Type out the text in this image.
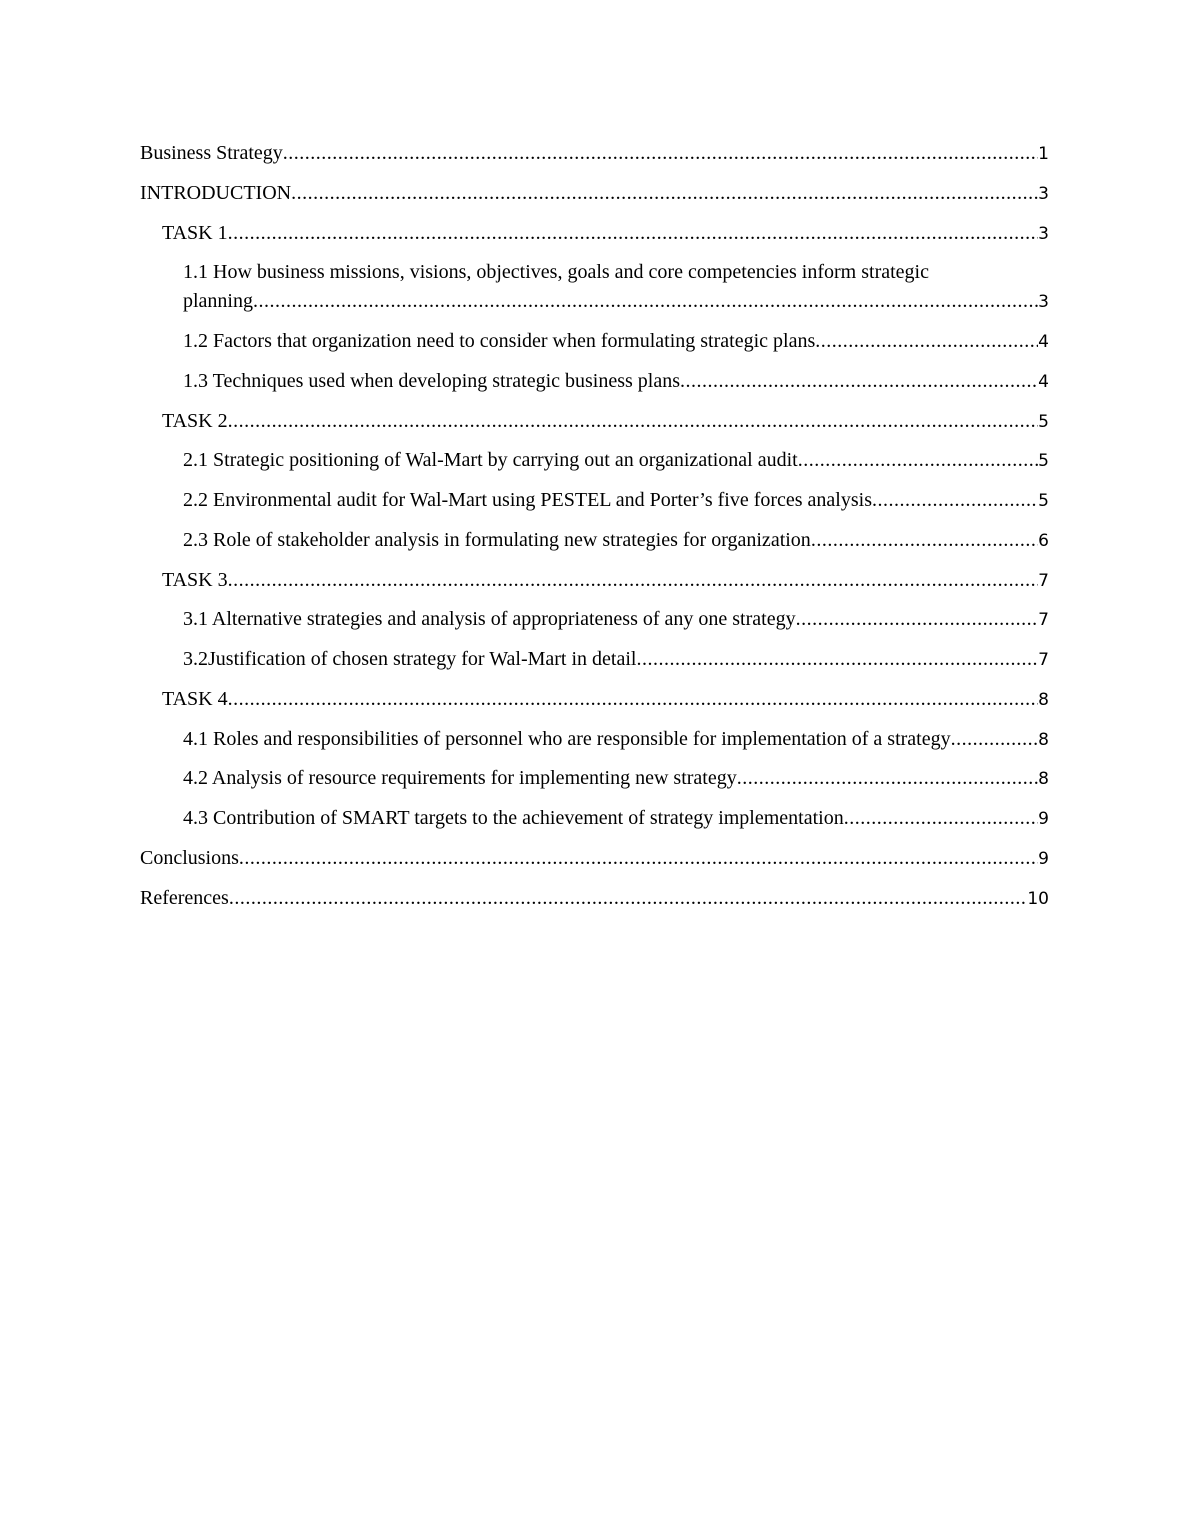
Business Strategy .....	1
INTRODUCTION .....	3
TASK 1 .....	3
1.1 How business missions, visions, objectives, goals and core competencies inform strategic
planning .....	3
1.2 Factors that organization need to consider when formulating strategic plans .....	4
1.3 Techniques used when developing strategic business plans .....	4
TASK 2 .....	5
2.1 Strategic positioning of Wal-Mart by carrying out an organizational audit .....	5
2.2 Environmental audit for Wal-Mart using PESTEL and Porter’s five forces analysis .....	5
2.3 Role of stakeholder analysis in formulating new strategies for organization .....	6
TASK 3 .....	7
3.1 Alternative strategies and analysis of appropriateness of any one strategy .....	7
3.2Justification of chosen strategy for Wal-Mart in detail .....	7
TASK 4 .....	8
4.1 Roles and responsibilities of personnel who are responsible for implementation of a strategy .....	8
4.2 Analysis of resource requirements for implementing new strategy .....	8
4.3 Contribution of SMART targets to the achievement of strategy implementation .....	9
Conclusions .....	9
References .....	10
